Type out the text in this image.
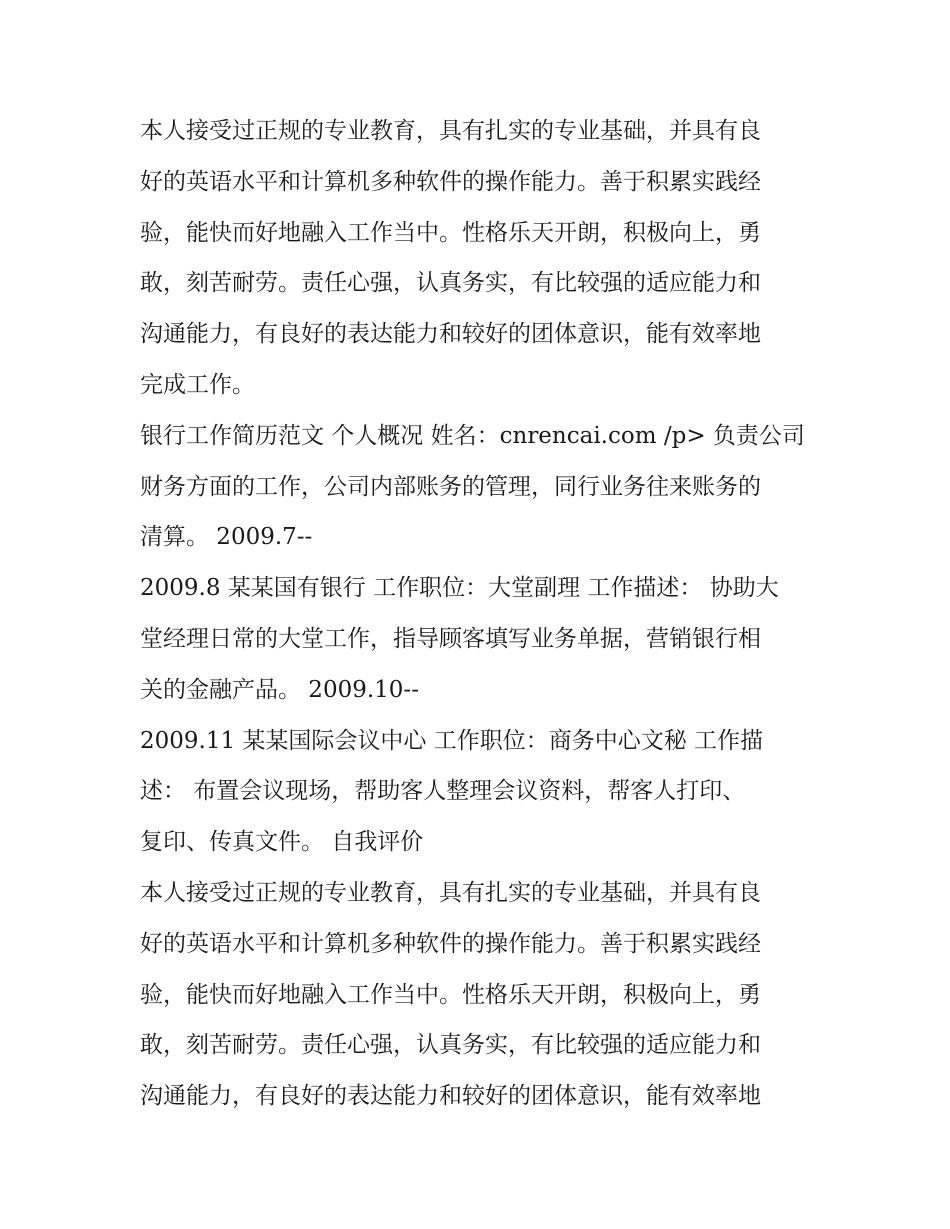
本人接受过正规的专业教育，具有扎实的专业基础，并具有良
好的英语水平和计算机多种软件的操作能力。善于积累实践经
验，能快而好地融入工作当中。性格乐天开朗，积极向上，勇
敢，刻苦耐劳。责任心强，认真务实，有比较强的适应能力和
沟通能力，有良好的表达能力和较好的团体意识，能有效率地
完成工作。
银行工作简历范文 个人概况 姓名：cnrencai.com /p> 负责公司
财务方面的工作，公司内部账务的管理，同行业务往来账务的
清算。 2009.7--
2009.8 某某国有银行 工作职位：大堂副理 工作描述： 协助大
堂经理日常的大堂工作，指导顾客填写业务单据，营销银行相
关的金融产品。 2009.10--
2009.11 某某国际会议中心 工作职位：商务中心文秘 工作描
述： 布置会议现场，帮助客人整理会议资料，帮客人打印、
复印、传真文件。 自我评价
本人接受过正规的专业教育，具有扎实的专业基础，并具有良
好的英语水平和计算机多种软件的操作能力。善于积累实践经
验，能快而好地融入工作当中。性格乐天开朗，积极向上，勇
敢，刻苦耐劳。责任心强，认真务实，有比较强的适应能力和
沟通能力，有良好的表达能力和较好的团体意识，能有效率地
